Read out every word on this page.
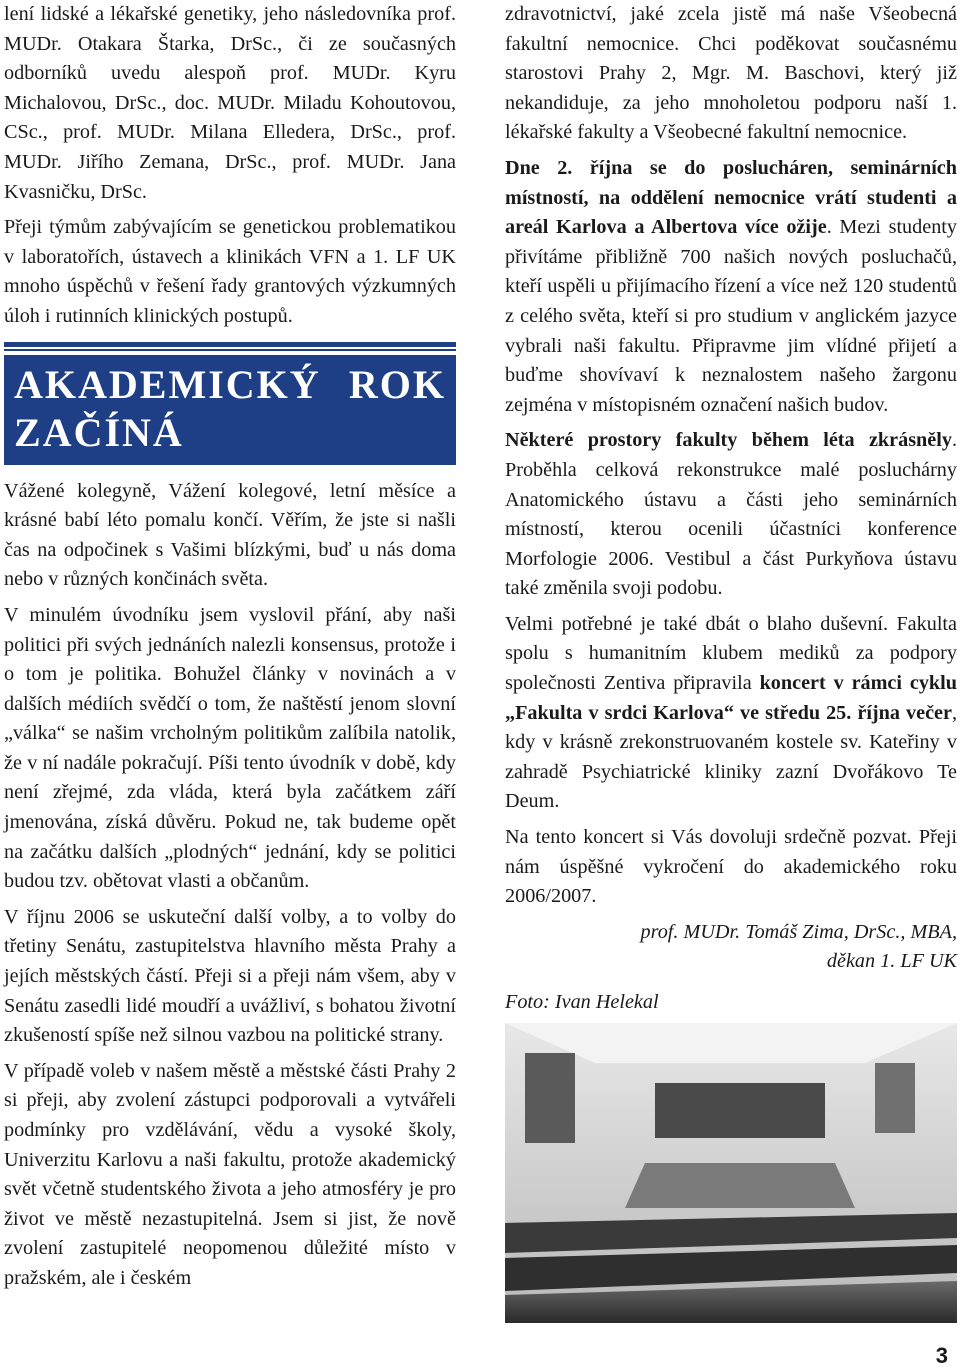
lení lidské a lékařské genetiky, jeho následovníka prof. MUDr. Otakara Štarka, DrSc., či ze současných odborníků uvedu alespoň prof. MUDr. Kyru Michalovou, DrSc., doc. MUDr. Miladu Kohoutovou, CSc., prof. MUDr. Milana Elledera, DrSc., prof. MUDr. Jiřího Zemana, DrSc., prof. MUDr. Jana Kvasničku, DrSc.

Přeji týmům zabývajícím se genetickou problematikou v laboratořích, ústavech a klinikách VFN a 1. LF UK mnoho úspěchů v řešení řady grantových výzkumných úloh i rutinních klinických postupů.

AKADEMICKÝ ROK ZAČÍNÁ

Vážené kolegyně, Vážení kolegové, letní měsíce a krásné babí léto pomalu končí. Věřím, že jste si našli čas na odpočinek s Vašimi blízkými, buď u nás doma nebo v různých končinách světa.

V minulém úvodníku jsem vyslovil přání, aby naši politici při svých jednáních nalezli konsensus, protože i o tom je politika. Bohužel články v novinách a v dalších médiích svědčí o tom, že naštěstí jenom slovní „válka“ se našim vrcholným politikům zalíbila natolik, že v ní nadále pokračují. Píši tento úvodník v době, kdy není zřejmé, zda vláda, která byla začátkem září jmenována, získá důvěru. Pokud ne, tak budeme opět na začátku dalších „plodných“ jednání, kdy se politici budou tzv. obětovat vlasti a občanům.

V říjnu 2006 se uskuteční další volby, a to volby do třetiny Senátu, zastupitelstva hlavního města Prahy a jejích městských částí. Přeji si a přeji nám všem, aby v Senátu zasedli lidé moudří a uvážliví, s bohatou životní zkušeností spíše než silnou vazbou na politické strany.

V případě voleb v našem městě a městské části Prahy 2 si přeji, aby zvolení zástupci podporovali a vytvářeli podmínky pro vzdělávání, vědu a vysoké školy, Univerzitu Karlovu a naši fakultu, protože akademický svět včetně studentského života a jeho atmosféry je pro život ve městě nezastupitelná. Jsem si jist, že nově zvolení zastupitelé neopomenou důležité místo v pražském, ale i českém

zdravotnictví, jaké zcela jistě má naše Všeobecná fakultní nemocnice. Chci poděkovat současnému starostovi Prahy 2, Mgr. M. Baschovi, který již nekandiduje, za jeho mnoholetou podporu naší 1. lékařské fakulty a Všeobecné fakultní nemocnice.

Dne 2. října se do poslucháren, seminárních místností, na oddělení nemocnice vrátí studenti a areál Karlova a Albertova více ožije. Mezi studenty přivítáme přibližně 700 našich nových posluchačů, kteří uspěli u přijímacího řízení a více než 120 studentů z celého světa, kteří si pro studium v anglickém jazyce vybrali naši fakultu. Připravme jim vlídné přijetí a buďme shovívaví k neznalostem našeho žargonu zejména v místopisném označení našich budov.

Některé prostory fakulty během léta zkrásněly. Proběhla celková rekonstrukce malé posluchárny Anatomického ústavu a části jeho seminárních místností, kterou ocenili účastníci konference Morfologie 2006. Vestibul a část Purkyňova ústavu také změnila svoji podobu.

Velmi potřebné je také dbát o blaho duševní. Fakulta spolu s humanitním klubem mediků za podpory společnosti Zentiva připravila koncert v rámci cyklu „Fakulta v srdci Karlova“ ve středu 25. října večer, kdy v krásně zrekonstruovaném kostele sv. Kateřiny v zahradě Psychiatrické kliniky zazní Dvořákovo Te Deum.

Na tento koncert si Vás dovoluji srdečně pozvat. Přeji nám úspěšné vykročení do akademického roku 2006/2007.

prof. MUDr. Tomáš Zima, DrSc., MBA,
děkan 1. LF UK
Foto: Ivan Helekal
3
